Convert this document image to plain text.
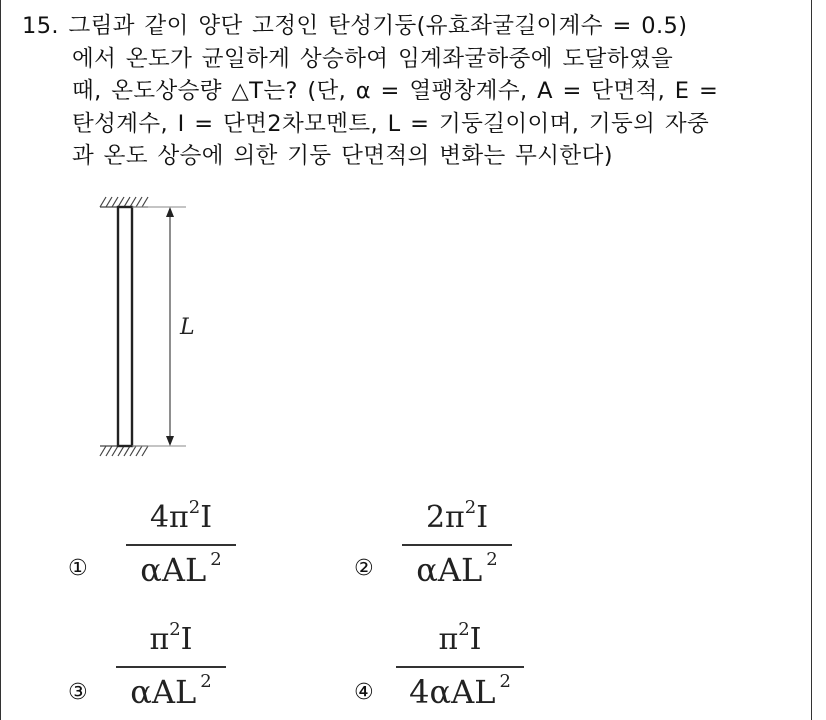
15. 그림과 같이 양단 고정인 탄성기둥(유효좌굴길이계수 = 0.5)
에서 온도가 균일하게 상승하여 임계좌굴하중에 도달하였을
때, 온도상승량 △T는? (단, α = 열팽창계수, A = 단면적, E =
탄성계수, I = 단면2차모멘트, L = 기둥길이이며, 기둥의 자중
과 온도 상승에 의한 기둥 단면적의 변화는 무시한다)
L
①
$4\pi^2I$
αAL $^2$	②
$2\pi^2I$
αAL $^2$
③
$\pi^2I$
αAL $^2$	④
$\pi^2I$
4αAL $^2$
